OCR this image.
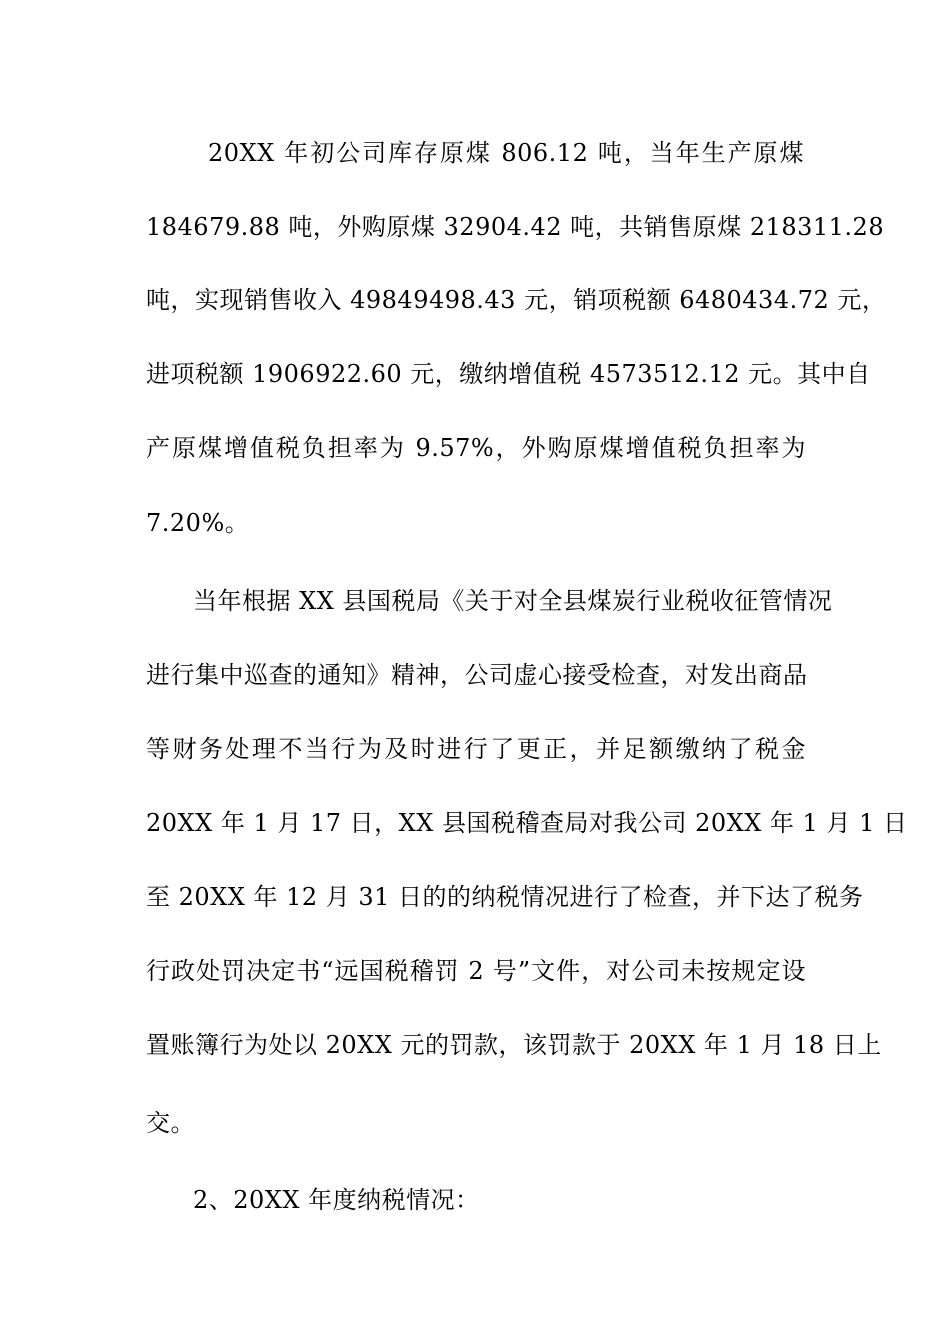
20XX 年初公司库存原煤 806.12 吨，当年生产原煤
184679.88 吨，外购原煤 32904.42 吨，共销售原煤 218311.28
吨，实现销售收入 49849498.43 元，销项税额 6480434.72 元，
进项税额 1906922.60 元，缴纳增值税 4573512.12 元。其中自
产原煤增值税负担率为 9.57%，外购原煤增值税负担率为
7.20%。
当年根据 XX 县国税局《关于对全县煤炭行业税收征管情况
进行集中巡查的通知》精神，公司虚心接受检查，对发出商品
等财务处理不当行为及时进行了更正，并足额缴纳了税金
20XX 年 1 月 17 日，XX 县国税稽查局对我公司 20XX 年 1 月 1 日
至 20XX 年 12 月 31 日的的纳税情况进行了检查，并下达了税务
行政处罚决定书“远国税稽罚 2 号”文件，对公司未按规定设
置账簿行为处以 20XX 元的罚款，该罚款于 20XX 年 1 月 18 日上
交。
2、20XX 年度纳税情况：
